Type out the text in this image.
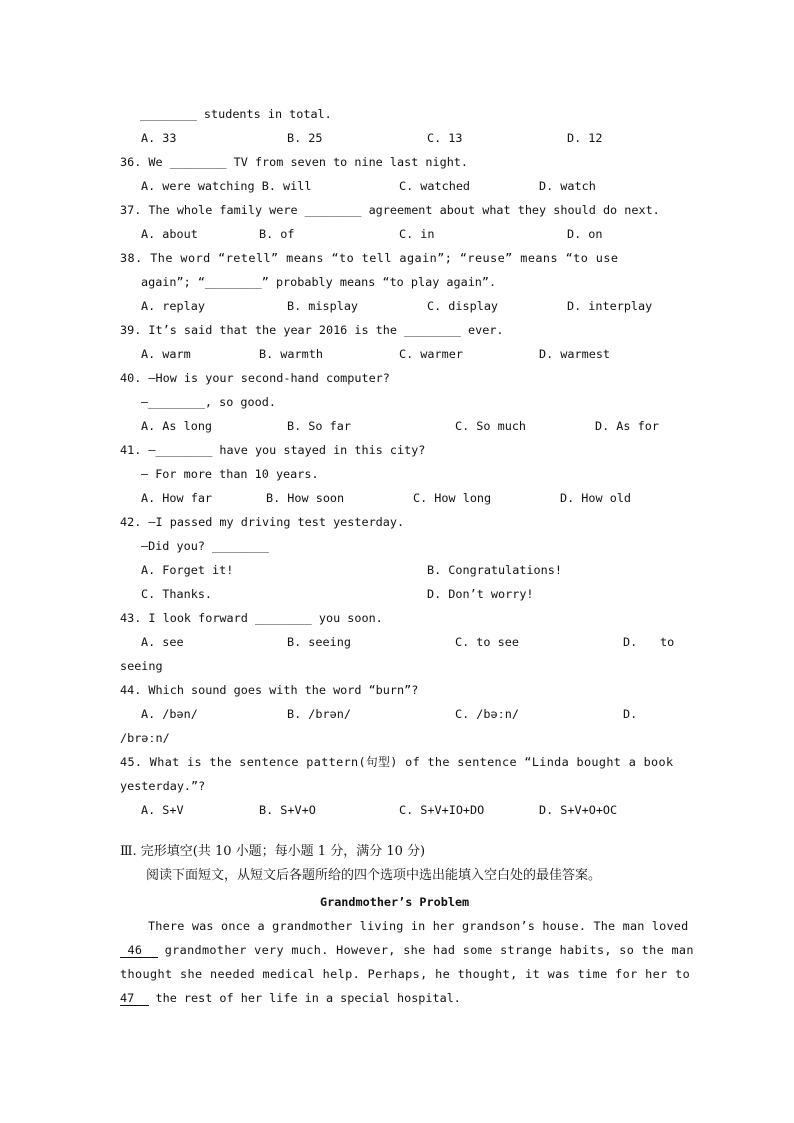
________ students in total.

A. 33

	B. 25

	C. 13

	D. 12

36. We ________ TV from seven to nine last night.

A. were watching B. will

	C. watched

	D. watch

37. The whole family were ________ agreement about what they should do next.

A. about

	B. of

	C. in

	D. on

38. The word “retell” means “to tell again”; “reuse” means “to use

again”; “________” probably means “to play again”.

A. replay

	B. misplay

	C. display

	D. interplay

39. It’s said that the year 2016 is the ________ ever.

A. warm

	B. warmth

	C. warmer

	D. warmest

40. —How is your second-hand computer?

—________, so good.

A. As long

	B. So far

	C. So much

	D. As for

41. —________ have you stayed in this city?

— For more than 10 years.

A. How far

	B. How soon

	C. How long

	D. How old

42. —I passed my driving test yesterday.

—Did you? ________

A. Forget it!

	B. Congratulations!

C. Thanks.

	D. Don’t worry!

43. I look forward ________ you soon.

A. see

	B. seeing

	C. to see

	D.

to

seeing

44. Which sound goes with the word “burn”?

A. /bən/

	B. /brən/

	C. /bəːn/

	D.

/brəːn/

45. What is the sentence pattern(句型) of the sentence “Linda bought a book

yesterday.”?

A. S+V

	B. S+V+O

	C. S+V+IO+DO

	D. S+V+O+OC

Ⅲ. 完形填空(共 10 小题；每小题 1 分，满分 10 分)

阅读下面短文，从短文后各题所给的四个选项中选出能填入空白处的最佳答案。

Grandmother’s Problem

There was once a grandmother living in her grandson’s house. The man loved

46   grandmother very much. However, she had some strange habits, so the man

thought she needed medical help. Perhaps, he thought, it was time for her to

47   the rest of her life in a special hospital.
